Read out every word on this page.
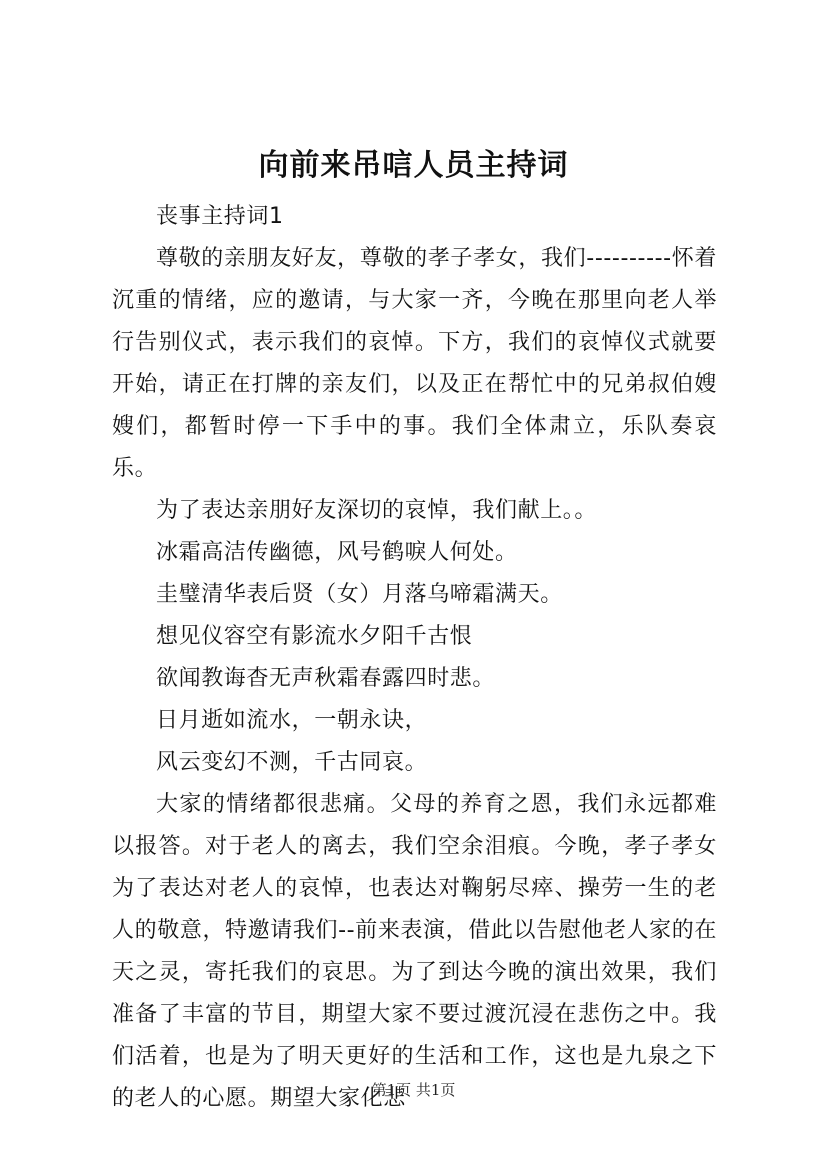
向前来吊唁人员主持词

丧事主持词1

尊敬的亲朋友好友，尊敬的孝子孝女，我们----------怀着沉重的情绪，应的邀请，与大家一齐，今晚在那里向老人举行告别仪式，表示我们的哀悼。下方，我们的哀悼仪式就要开始，请正在打牌的亲友们，以及正在帮忙中的兄弟叔伯嫂嫂们，都暂时停一下手中的事。我们全体肃立，乐队奏哀乐。

为了表达亲朋好友深切的哀悼，我们献上。。

冰霜高洁传幽德，风号鹤唳人何处。

圭璧清华表后贤（女）月落乌啼霜满天。

想见仪容空有影流水夕阳千古恨

欲闻教诲杳无声秋霜春露四时悲。

日月逝如流水，一朝永诀，

风云变幻不测，千古同哀。

大家的情绪都很悲痛。父母的养育之恩，我们永远都难以报答。对于老人的离去，我们空余泪痕。今晚，孝子孝女为了表达对老人的哀悼，也表达对鞠躬尽瘁、操劳一生的老人的敬意，特邀请我们--前来表演，借此以告慰他老人家的在天之灵，寄托我们的哀思。为了到达今晚的演出效果，我们准备了丰富的节目，期望大家不要过渡沉浸在悲伤之中。我们活着，也是为了明天更好的生活和工作，这也是九泉之下的老人的心愿。期望大家化悲

第1页 共1页
